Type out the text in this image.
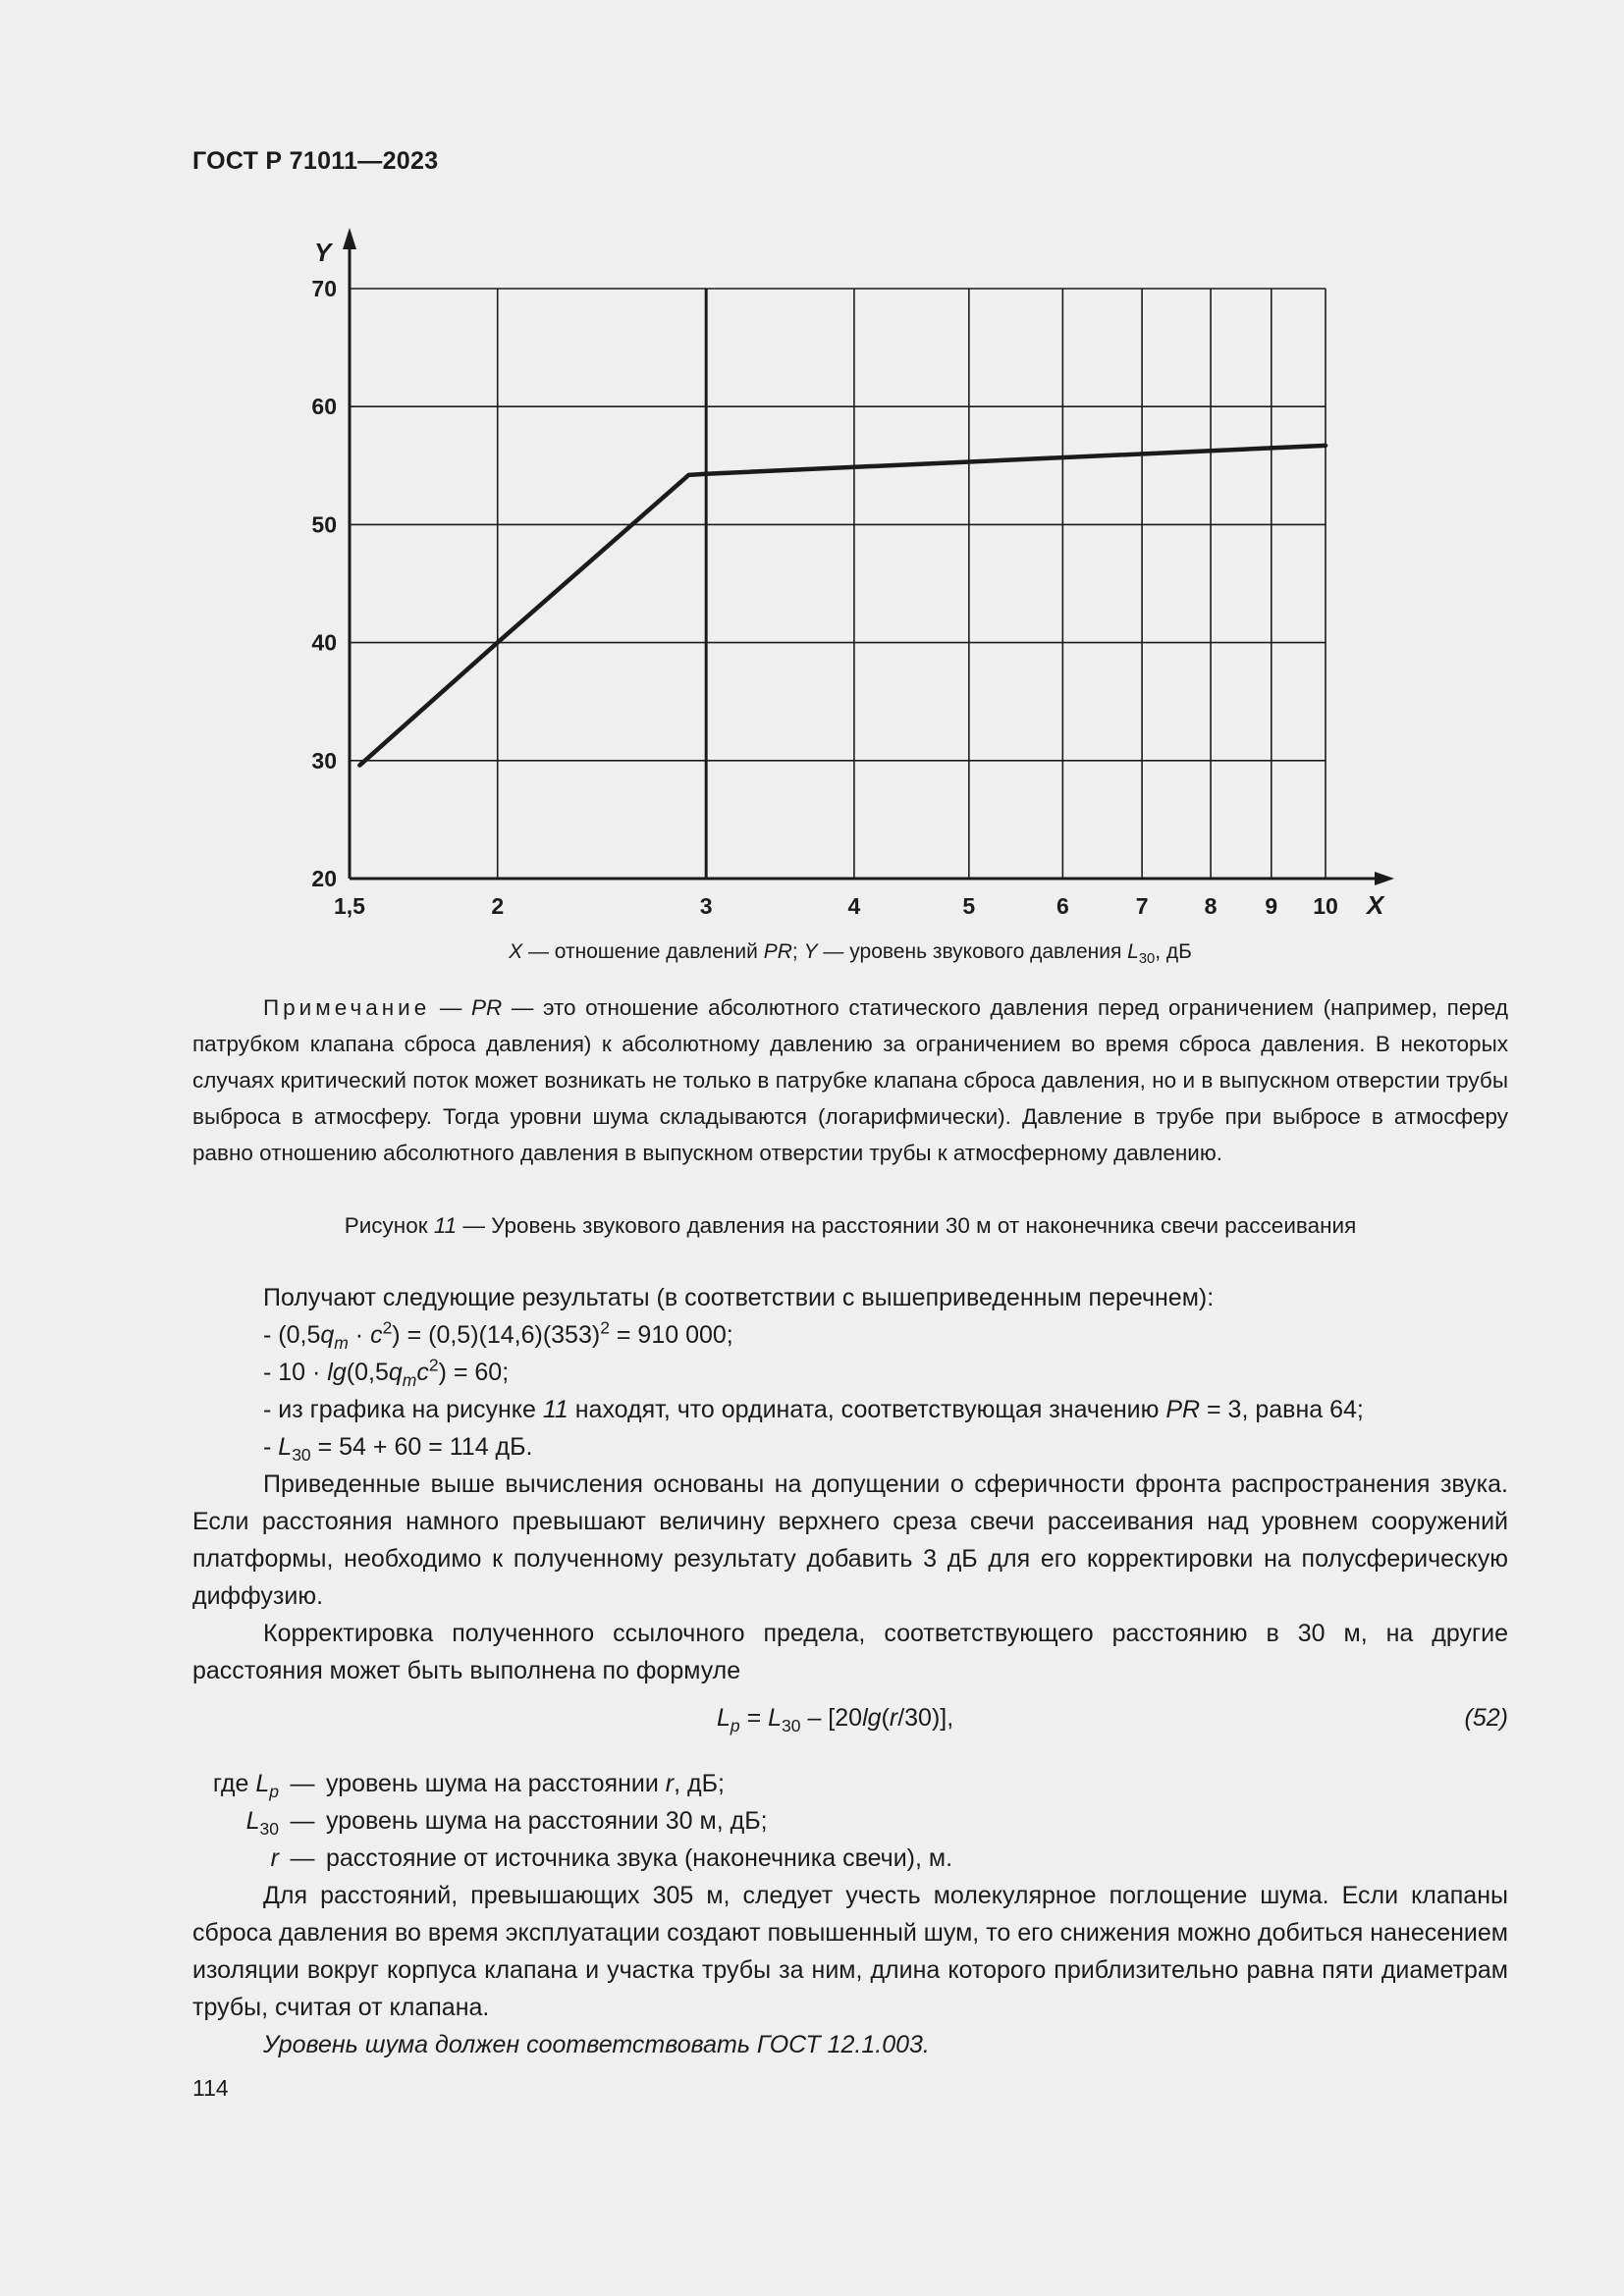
ГОСТ Р 71011—2023
Y
X
1,5	2	3	4	5	6	7 8 9 10
20
30
40
50
60
70
X — отношение давлений PR; Y — уровень звукового давления $L_{30}$, дБ
Примечание — PR — это отношение абсолютного статического давления перед ограничением (например, перед патрубком клапана сброса давления) к абсолютному давлению за ограничением во время сброса давления. В некоторых случаях критический поток может возникать не только в патрубке клапана сброса давления, но и в выпускном отверстии трубы выброса в атмосферу. Тогда уровни шума складываются (логарифмически). Давление в трубе при выбросе в атмосферу равно отношению абсолютного давления в выпускном отверстии трубы к атмосферному давлению.
Рисунок 11 — Уровень звукового давления на расстоянии 30 м от наконечника свечи рассеивания
Получают следующие результаты (в соответствии с вышеприведенным перечнем):
- $(0,5q_m \cdot c^2) = (0,5)(14,6)(353)^2 = 910$ 000;
- $10 \cdot \lg(0,5q_mc^2) = 60$;
- из графика на рисунке 11 находят, что ордината, соответствующая значению PR = 3, равна 64;
- $L_{30} = 54 + 60 = 114$ дБ.
Приведенные выше вычисления основаны на допущении о сферичности фронта распространения звука. Если расстояния намного превышают величину верхнего среза свечи рассеивания над уровнем сооружений платформы, необходимо к полученному результату добавить 3 дБ для его корректировки на полусферическую диффузию.
Корректировка полученного ссылочного предела, соответствующего расстоянию в 30 м, на другие расстояния может быть выполнена по формуле
$L_p = L_{30} - [20\lg(r/30)]$,	(52)
где $L_p$ — уровень шума на расстоянии r, дБ;
$L_{30}$ — уровень шума на расстоянии 30 м, дБ;
r — расстояние от источника звука (наконечника свечи), м.
Для расстояний, превышающих 305 м, следует учесть молекулярное поглощение шума. Если клапаны сброса давления во время эксплуатации создают повышенный шум, то его снижения можно добиться нанесением изоляции вокруг корпуса клапана и участка трубы за ним, длина которого приблизительно равна пяти диаметрам трубы, считая от клапана.
Уровень шума должен соответствовать ГОСТ 12.1.003.
114
